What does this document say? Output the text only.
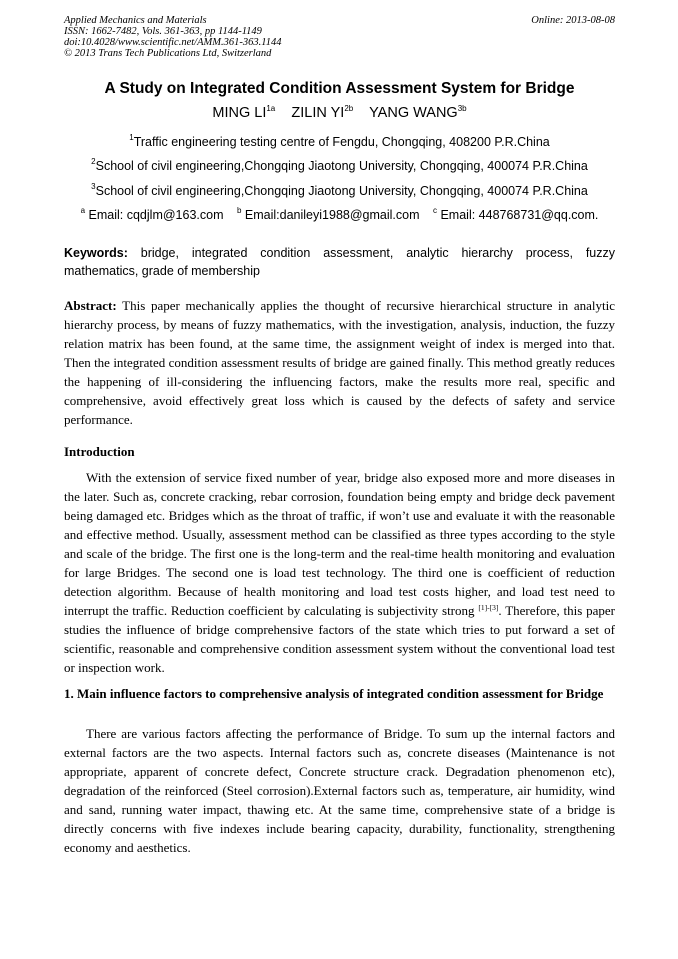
Applied Mechanics and Materials
ISSN: 1662-7482, Vols. 361-363, pp 1144-1149
doi:10.4028/www.scientific.net/AMM.361-363.1144
© 2013 Trans Tech Publications Ltd, Switzerland
Online: 2013-08-08
A Study on Integrated Condition Assessment System for Bridge
MING $LI^{1a}$ ZILIN $YI^{2b}$ YANG $WANG^{3b}$
$^1$Traffic engineering testing centre of Fengdu, Chongqing, 408200 P.R.China
$^2$School of civil engineering,Chongqing Jiaotong University, Chongqing, 400074 P.R.China
$^3$School of civil engineering,Chongqing Jiaotong University, Chongqing, 400074 P.R.China
$^a$ Email: cqdjlm@163.com $^b$ Email:danileyi1988@gmail.com $^c$ Email: 448768731@qq.com.
Keywords: bridge, integrated condition assessment, analytic hierarchy process, fuzzy mathematics, grade of membership
Abstract: This paper mechanically applies the thought of recursive hierarchical structure in analytic hierarchy process, by means of fuzzy mathematics, with the investigation, analysis, induction, the fuzzy relation matrix has been found, at the same time, the assignment weight of index is merged into that. Then the integrated condition assessment results of bridge are gained finally. This method greatly reduces the happening of ill-considering the influencing factors, make the results more real, specific and comprehensive, avoid effectively great loss which is caused by the defects of safety and service performance.
Introduction
With the extension of service fixed number of year, bridge also exposed more and more diseases in the later. Such as, concrete cracking, rebar corrosion, foundation being empty and bridge deck pavement being damaged etc. Bridges which as the throat of traffic, if won’t use and evaluate it with the reasonable and effective method. Usually, assessment method can be classified as three types according to the style and scale of the bridge. The first one is the long-term and the real-time health monitoring and evaluation for large Bridges. The second one is load test technology. The third one is coefficient of reduction detection algorithm. Because of health monitoring and load test costs higher, and load test need to interrupt the traffic. Reduction coefficient by calculating is subjectivity strong [1]-[3]. Therefore, this paper studies the influence of bridge comprehensive factors of the state which tries to put forward a set of scientific, reasonable and comprehensive condition assessment system without the conventional load test or inspection work.
1. Main influence factors to comprehensive analysis of integrated condition assessment for Bridge
There are various factors affecting the performance of Bridge. To sum up the internal factors and external factors are the two aspects. Internal factors such as, concrete diseases (Maintenance is not appropriate, apparent of concrete defect, Concrete structure crack. Degradation phenomenon etc), degradation of the reinforced (Steel corrosion).External factors such as, temperature, air humidity, wind and sand, running water impact, thawing etc. At the same time, comprehensive state of a bridge is directly concerns with five indexes include bearing capacity, durability, functionality, strengthening economy and aesthetics.
